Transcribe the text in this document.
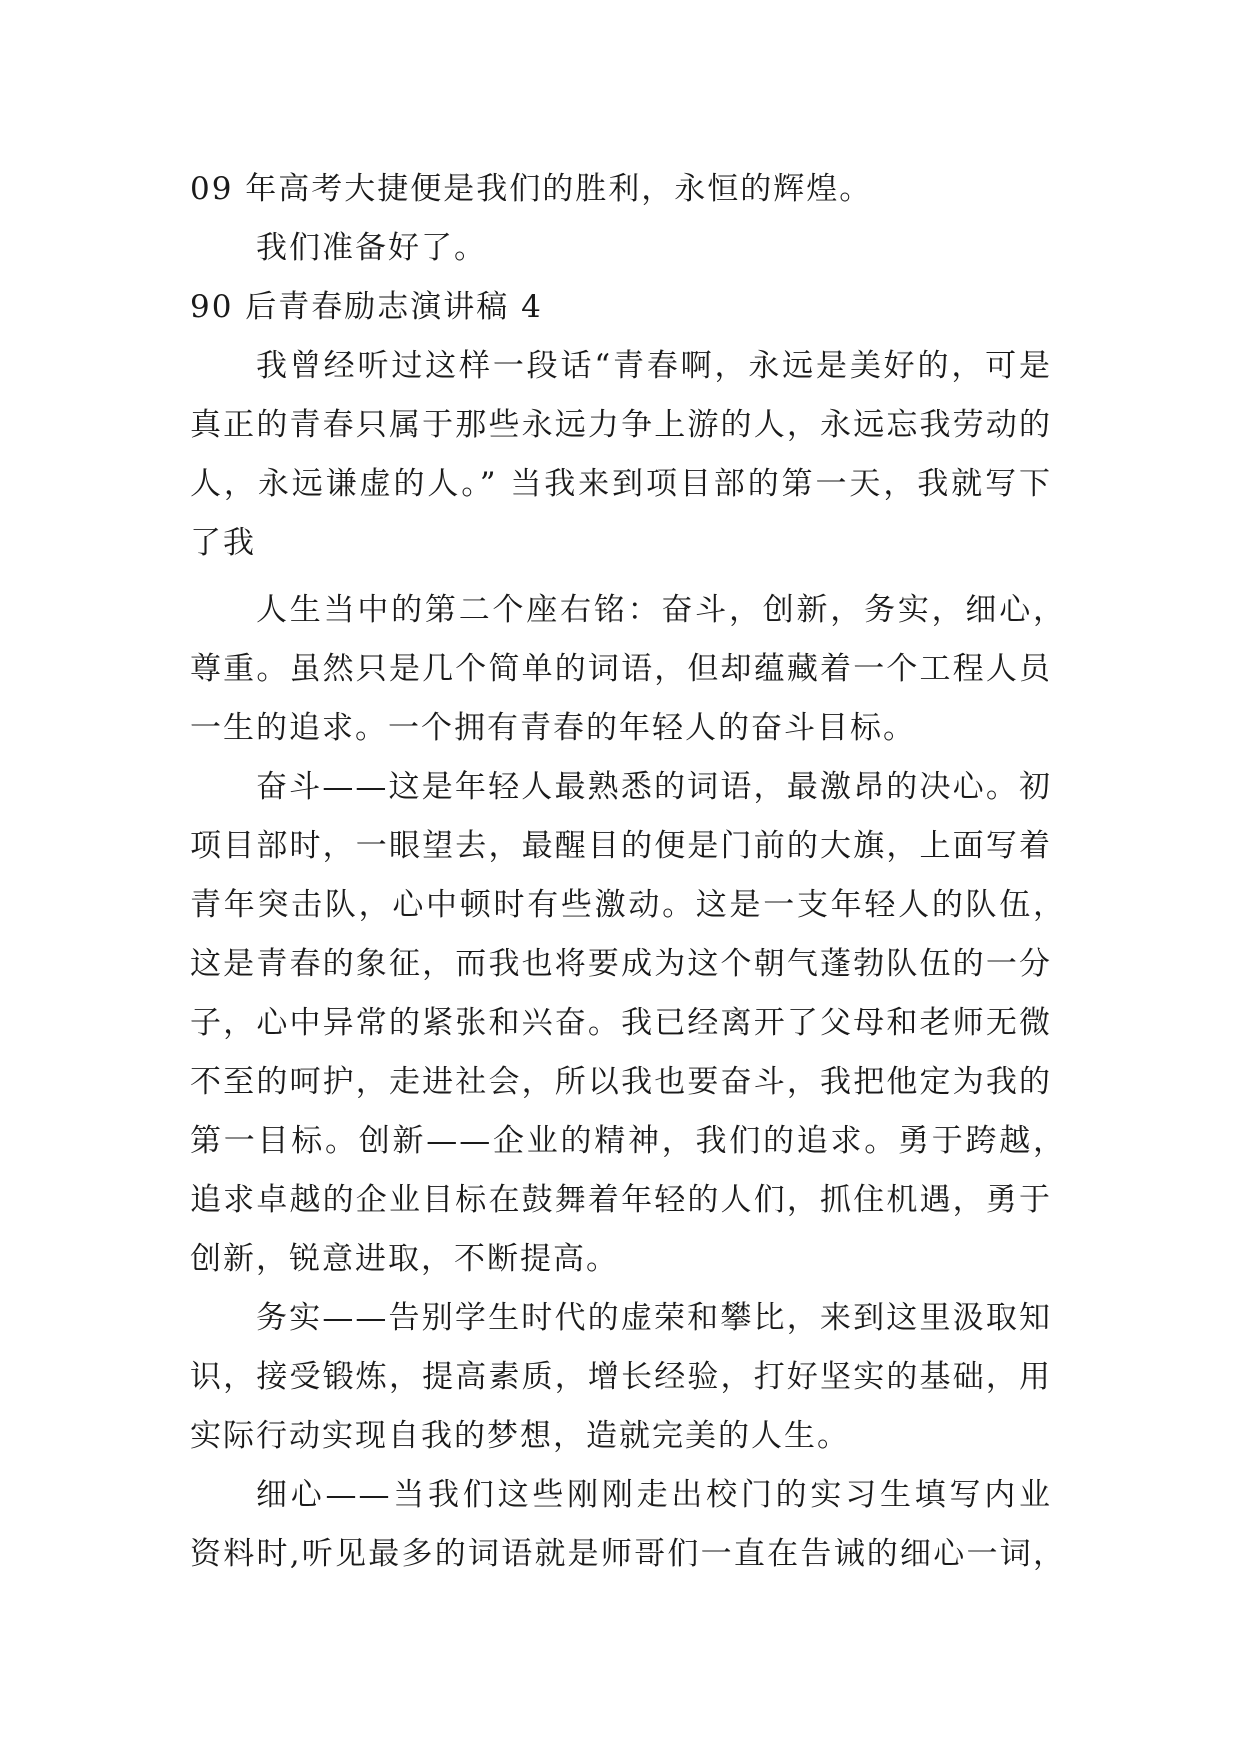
09 年高考大捷便是我们的胜利，永恒的辉煌。
我们准备好了。
90 后青春励志演讲稿 4
我曾经听过这样一段话“青春啊，永远是美好的，可是
真正的青春只属于那些永远力争上游的人，永远忘我劳动的
人，永远谦虚的人。” 当我来到项目部的第一天，我就写下
了我
人生当中的第二个座右铭：奋斗，创新，务实，细心，
尊重。虽然只是几个简单的词语，但却蕴藏着一个工程人员
一生的追求。一个拥有青春的年轻人的奋斗目标。
奋斗——这是年轻人最熟悉的词语，最激昂的决心。初
项目部时，一眼望去，最醒目的便是门前的大旗，上面写着
青年突击队，心中顿时有些激动。这是一支年轻人的队伍，
这是青春的象征，而我也将要成为这个朝气蓬勃队伍的一分
子，心中异常的紧张和兴奋。我已经离开了父母和老师无微
不至的呵护，走进社会，所以我也要奋斗，我把他定为我的
第一目标。创新——企业的精神，我们的追求。勇于跨越，
追求卓越的企业目标在鼓舞着年轻的人们，抓住机遇，勇于
创新，锐意进取，不断提高。
务实——告别学生时代的虚荣和攀比，来到这里汲取知
识，接受锻炼，提高素质，增长经验，打好坚实的基础，用
实际行动实现自我的梦想，造就完美的人生。
细心——当我们这些刚刚走出校门的实习生填写内业
资料时,听见最多的词语就是师哥们一直在告诫的细心一词，
